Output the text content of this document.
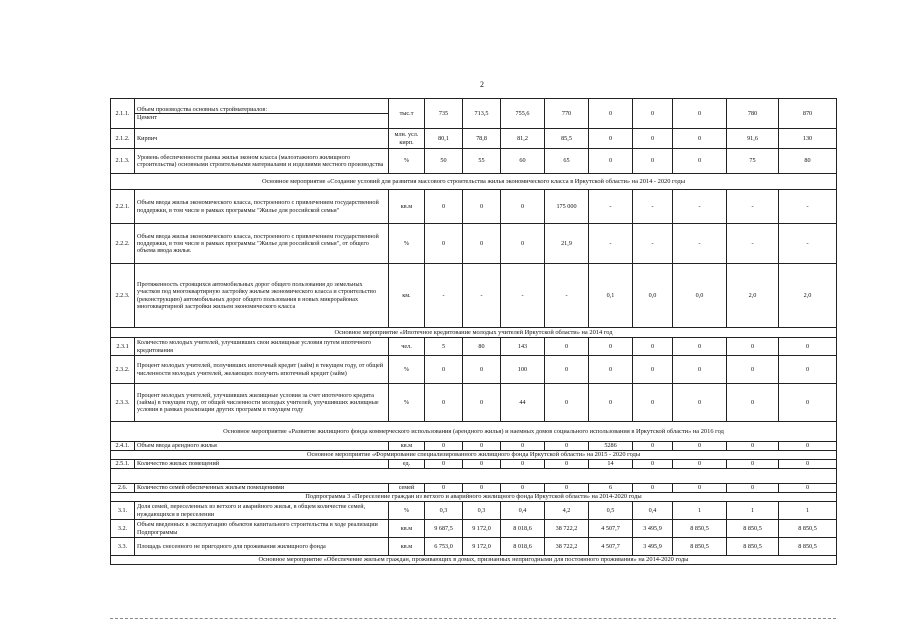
2
2.1.1.	Объем производства основных стройматериалов:
Цемент	тыс.т	735	713,5	755,6	770	0	0	0	780	870
2.1.2.	Кирпич	млн. усл. кирп.	80,1	78,8	81,2	85,5	0	0	0	91,6	130
2.1.3.	Уровень обеспеченности рынка жилья эконом класса (малоэтажного жилищного строительства) основными строительными материалами и изделиями местного производства	%	50	55	60	65	0	0	0	75	80
Основное мероприятие «Создание условий для развития массового строительства жилья экономического класса в Иркутской области» на 2014 - 2020 годы											
2.2.1.	Объем ввода жилья экономического класса, построенного с привлечением государственной поддержки, в том числе в рамках программы "Жилье для российской семьи"	кв.м	0	0	0	175 000	-	-	-	-	-
2.2.2.	Объем ввода жилья экономического класса, построенного с привлечением государственной поддержки, в том числе в рамках программы "Жилье для российской семьи", от общего объема ввода жилья.	%	0	0	0	21,9	-	-	-	-	-
2.2.3.	Протяженность строящихся автомобильных дорог общего пользования до земельных участков под многоквартирную застройку жильем экономического класса и строительство (реконструкцию) автомобильных дорог общего пользования в новых микрорайонах многоквартирной застройки жильем экономического класса	км.	-	-	-	-	0,1	0,0	0,0	2,0	2,0
Основное мероприятие «Ипотечное кредитование молодых учителей Иркутской области» на 2014 год											
2.3.1	Количество молодых учителей, улучшивших свои жилищные условия путем ипотечного кредитования	чел.	5	80	143	0	0	0	0	0	0
2.3.2.	Процент молодых учителей, получивших ипотечный кредит (займ) в текущем году, от общей численности молодых учителей, желающих получить ипотечный кредит (займ)	%	0	0	100	0	0	0	0	0	0
2.3.3.	Процент молодых учителей, улучшивших жилищные условия за счет ипотечного кредита (займа) в текущем году, от общей численности молодых учителей, улучшивших жилищные условия в рамках реализации других программ в текущем году	%	0	0	44	0	0	0	0	0	0
Основное мероприятие «Развитие жилищного фонда коммерческого использования (арендного жилья) и наемных домов социального использования в Иркутской области» на 2016 год											
2.4.1.	Объем ввода арендного жилья	кв.м	0	0	0	0	5286	0	0	0	0
Основное мероприятие «Формирование специализированного жилищного фонда Иркутской области» на 2015 - 2020 годы											
2.5.1.	Количество жилых помещений	ед.	0	0	0	0	14	0	0	0	0

2.6.	Количество семей обеспеченных жильем помещениями	семей	0	0	0	0	6	0	0	0	0
Подпрограмма 3 «Переселение граждан из ветхого и аварийного жилищного фонда Иркутской области» на 2014-2020 годы											
3.1.	Доля семей, переселенных из ветхого и аварийного жилья, в общем количестве семей, нуждающихся в переселении	%	0,3	0,3	0,4	4,2	0,5	0,4	1	1	1
3.2.	Объем введенных в эксплуатацию объектов капитального строительства в ходе реализации Подпрограммы	кв.м	9 687,5	9 172,0	8 018,6	38 722,2	4 507,7	3 495,9	8 850,5	8 850,5	8 850,5
3.3.	Площадь снесенного не пригодного для проживания жилищного фонда	кв.м	6 753,0	9 172,0	8 018,6	38 722,2	4 507,7	3 495,9	8 850,5	8 850,5	8 850,5
Основное мероприятие «Обеспечение жильем граждан, проживающих в домах, признанных непригодными для постоянного проживания» на 2014-2020 годы											
